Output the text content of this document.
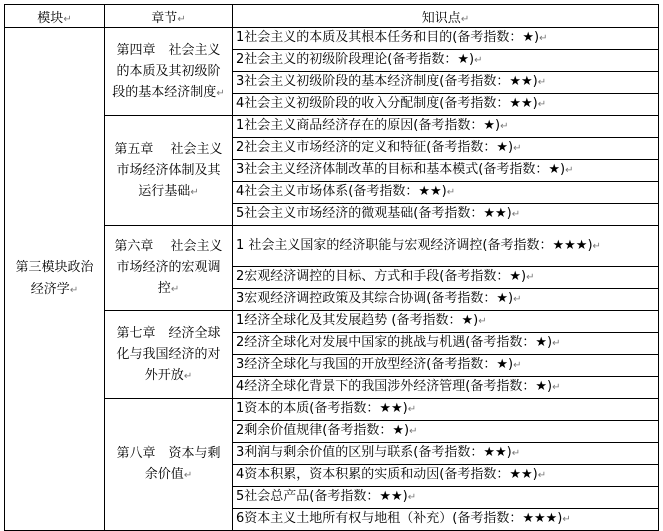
模块↵	章节↵	知识点↵
第三模块政治经济学↵	第四章　社会主义的本质及其初级阶段的基本经济制度↵	1社会主义的本质及其根本任务和目的(备考指数：★)↵
		2社会主义的初级阶段理论(备考指数：★)↵
		3社会主义初级阶段的基本经济制度(备考指数：★★)↵
		4社会主义初级阶段的收入分配制度(备考指数：★★)↵
	第五章　 社会主义市场经济体制及其运行基础↵	1社会主义商品经济存在的原因(备考指数：★)↵
		2社会主义市场经济的定义和特征(备考指数：★)↵
		3社会主义经济体制改革的目标和基本模式(备考指数：★)↵
		4社会主义市场体系(备考指数：★★)↵
		5社会主义市场经济的微观基础(备考指数：★★)↵
	第六章　 社会主义市场经济的宏观调控↵	1 社会主义国家的经济职能与宏观经济调控(备考指数：★★★)↵
		2宏观经济调控的目标、方式和手段(备考指数：★)↵
		3宏观经济调控政策及其综合协调(备考指数：★)↵
	第七章　经济全球化与我国经济的对外开放↵	1经济全球化及其发展趋势 (备考指数：★)↵
		2经济全球化对发展中国家的挑战与机遇(备考指数：★)↵
		3经济全球化与我国的开放型经济(备考指数：★)↵
		4经济全球化背景下的我国涉外经济管理(备考指数：★)↵
	第八章　资本与剩余价值↵	1资本的本质(备考指数：★★)↵
		2剩余价值规律(备考指数：★)↵
		3利润与剩余价值的区别与联系(备考指数：★★)↵
		4资本积累，资本积累的实质和动因(备考指数：★★)↵
		5社会总产品(备考指数：★★)↵
		6资本主义土地所有权与地租（补充）(备考指数：★★★)↵
